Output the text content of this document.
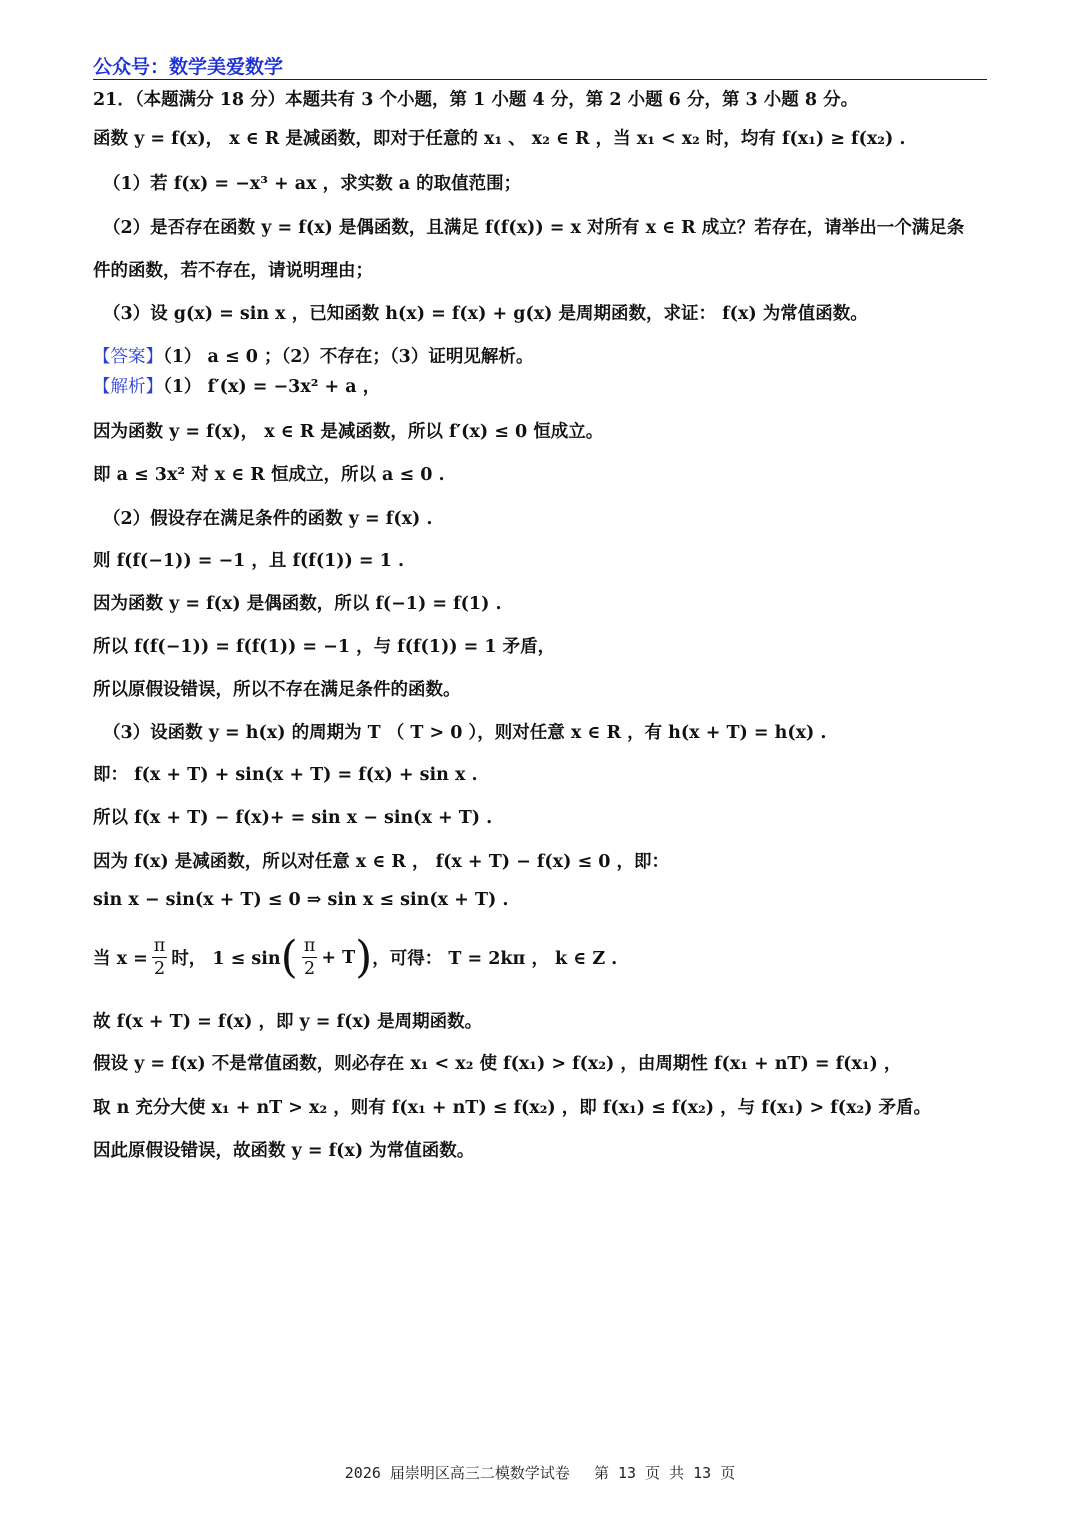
公众号：数学美爱数学
21．（本题满分 18 分）本题共有 3 个小题，第 1 小题 4 分，第 2 小题 6 分，第 3 小题 8 分。
函数 y = f(x)， x ∈ R 是减函数，即对于任意的 x₁ 、 x₂ ∈ R ，当 x₁ < x₂ 时，均有 f(x₁) ≥ f(x₂) .
（1）若 f(x) = −x³ + ax ，求实数 a 的取值范围；
（2）是否存在函数 y = f(x) 是偶函数，且满足 f(f(x)) = x 对所有 x ∈ R 成立？若存在，请举出一个满足条
件的函数，若不存在，请说明理由；
（3）设 g(x) = sin x ，已知函数 h(x) = f(x) + g(x) 是周期函数，求证： f(x) 为常值函数。
【答案】（1） a ≤ 0 ；（2）不存在；（3）证明见解析。
【解析】（1） f′(x) = −3x² + a ，
因为函数 y = f(x)， x ∈ R 是减函数，所以 f′(x) ≤ 0 恒成立。
即 a ≤ 3x² 对 x ∈ R 恒成立，所以 a ≤ 0 .
（2）假设存在满足条件的函数 y = f(x) .
则 f(f(−1)) = −1 ，且 f(f(1)) = 1 .
因为函数 y = f(x) 是偶函数，所以 f(−1) = f(1) .
所以 f(f(−1)) = f(f(1)) = −1 ，与 f(f(1)) = 1 矛盾，
所以原假设错误，所以不存在满足条件的函数。
（3）设函数 y = h(x) 的周期为 T （ T > 0 ），则对任意 x ∈ R ，有 h(x + T) = h(x) .
即： f(x + T) + sin(x + T) = f(x) + sin x .
所以 f(x + T) − f(x)+ = sin x − sin(x + T) .
因为 f(x) 是减函数，所以对任意 x ∈ R ， f(x + T) − f(x) ≤ 0 ，即：
sin x − sin(x + T) ≤ 0 ⇒ sin x ≤ sin(x + T) .
当 $x = \frac{\pi}{2}$ 时， 1 ≤ sin ( $\frac{\pi}{2} + T$ ) ，可得： T = 2kπ ， k ∈ Z .
故 f(x + T) = f(x) ，即 y = f(x) 是周期函数。
假设 y = f(x) 不是常值函数，则必存在 x₁ < x₂ 使 f(x₁) > f(x₂) ，由周期性 f(x₁ + nT) = f(x₁) ，
取 n 充分大使 x₁ + nT > x₂ ，则有 f(x₁ + nT) ≤ f(x₂) ，即 f(x₁) ≤ f(x₂) ，与 f(x₁) > f(x₂) 矛盾。
因此原假设错误，故函数 y = f(x) 为常值函数。
2026 届崇明区高三二模数学试卷　 第 13 页 共 13 页
